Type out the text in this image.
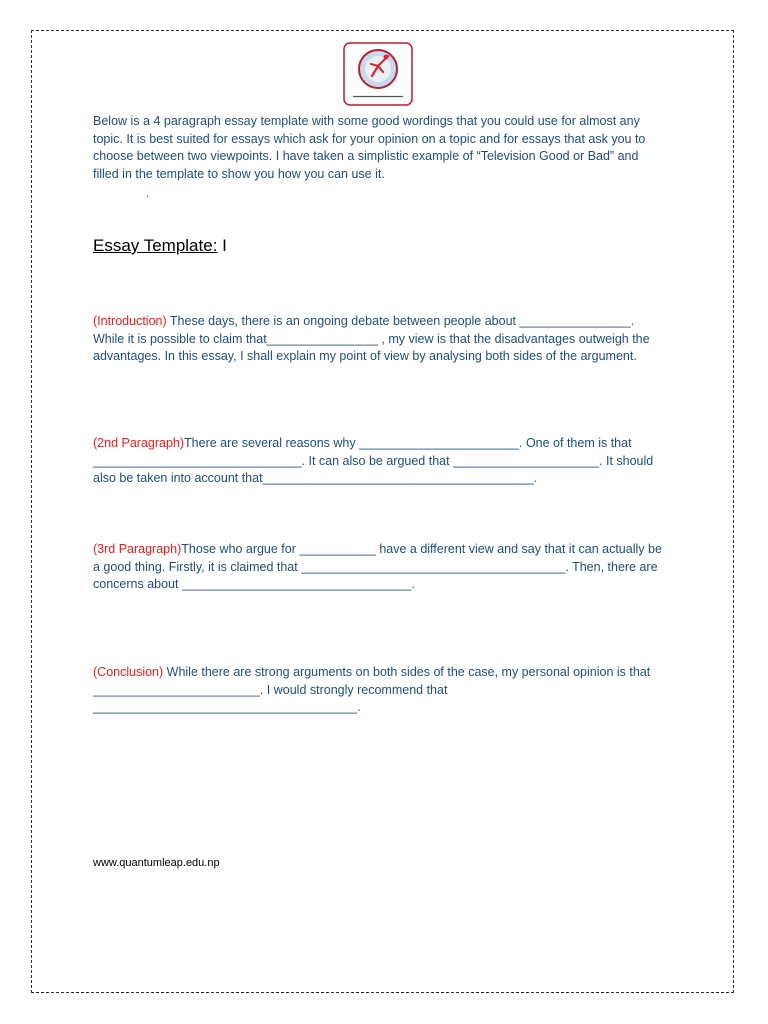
Below is a 4 paragraph essay template with some good wordings that you could use for almost any topic. It is best suited for essays which ask for your opinion on a topic and for essays that ask you to choose between two viewpoints. I have taken a simplistic example of “Television Good or Bad” and filled in the template to show you how you can use it.
.
Essay Template: I
(Introduction) These days, there is an ongoing debate between people about ________________. While it is possible to claim that________________ , my view is that the disadvantages outweigh the advantages. In this essay, I shall explain my point of view by analysing both sides of the argument.
(2nd Paragraph)There are several reasons why _______________________. One of them is that ______________________________. It can also be argued that _____________________. It should also be taken into account that_______________________________________.
(3rd Paragraph)Those who argue for ___________ have a different view and say that it can actually be a good thing. Firstly, it is claimed that ______________________________________. Then, there are concerns about _________________________________.
(Conclusion) While there are strong arguments on both sides of the case, my personal opinion is that ________________________. I would strongly recommend that ______________________________________.
www.quantumleap.edu.np
